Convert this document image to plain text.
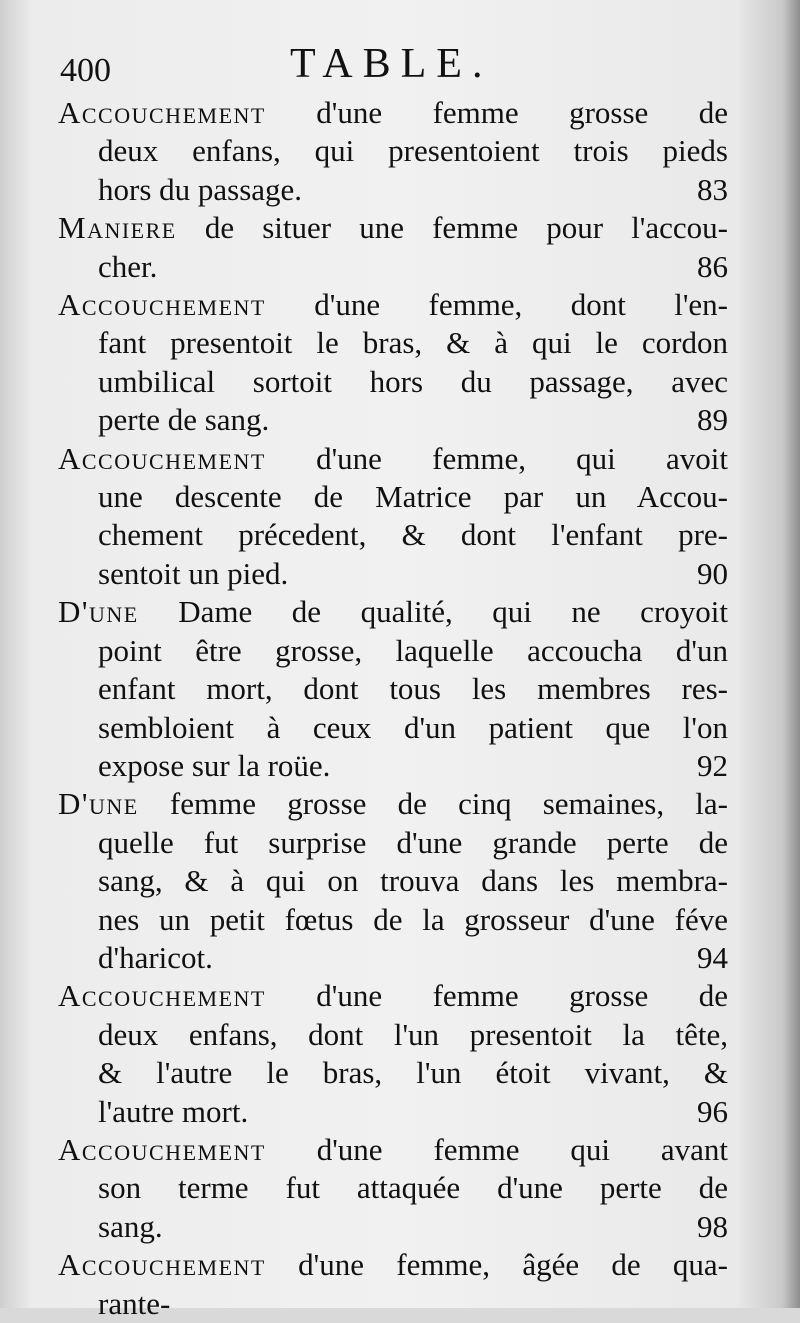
400	TABLE.
Accouchement d'une femme grosse de
deux enfans, qui presentoient trois pieds
hors du passage.	83
Maniere de situer une femme pour l'accou-
cher.	86
Accouchement d'une femme, dont l'en-
fant presentoit le bras, & à qui le cordon
umbilical sortoit hors du passage, avec
perte de sang.	89
Accouchement d'une femme, qui avoit
une descente de Matrice par un Accou-
chement précedent, & dont l'enfant pre-
sentoit un pied.	90
D'une Dame de qualité, qui ne croyoit
point être grosse, laquelle accoucha d'un
enfant mort, dont tous les membres res-
sembloient à ceux d'un patient que l'on
expose sur la roüe.	92
D'une femme grosse de cinq semaines, la-
quelle fut surprise d'une grande perte de
sang, & à qui on trouva dans les membra-
nes un petit fœtus de la grosseur d'une féve
d'haricot.	94
Accouchement d'une femme grosse de
deux enfans, dont l'un presentoit la tête,
& l'autre le bras, l'un étoit vivant, &
l'autre mort.	96
Accouchement d'une femme qui avant
son terme fut attaquée d'une perte de
sang.	98
Accouchement d'une femme, âgée de qua-
rante-
